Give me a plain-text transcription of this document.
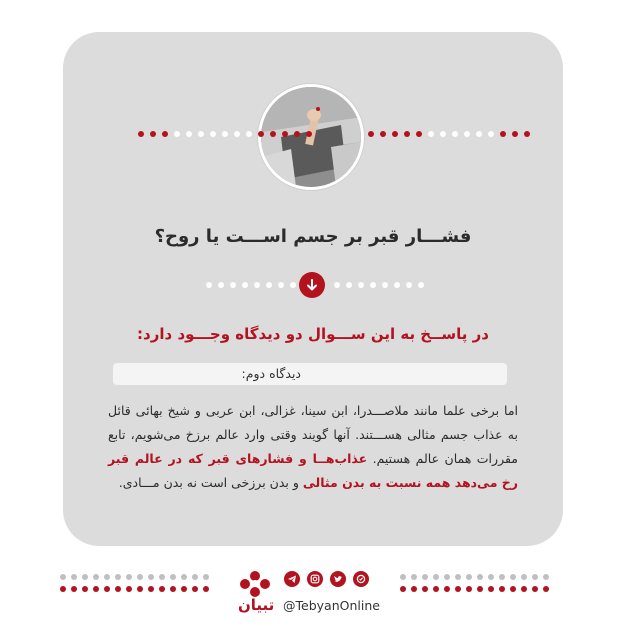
فشـــار قبر بر جسم اســـت یا روح؟
در پاســخ به این ســـوال دو دیدگاه وجـــود دارد:
دیدگاه دوم:
اما برخی علما مانند ملاصـــدرا، ابن سینا، غزالی، ابن عربی و شیخ بهائی قائل به عذاب جسم مثالی هســـتند. آنها گویند وقتی وارد عالم برزخ می‌شویم، تابع مقررات همان عالم هستیم. عذاب‌هــا و فشارهای قبر که در عالم قبر رخ می‌دهد همه نسبت به بدن مثالی و بدن برزخی است نه بدن مـــادی.
تبیان @TebyanOnline
